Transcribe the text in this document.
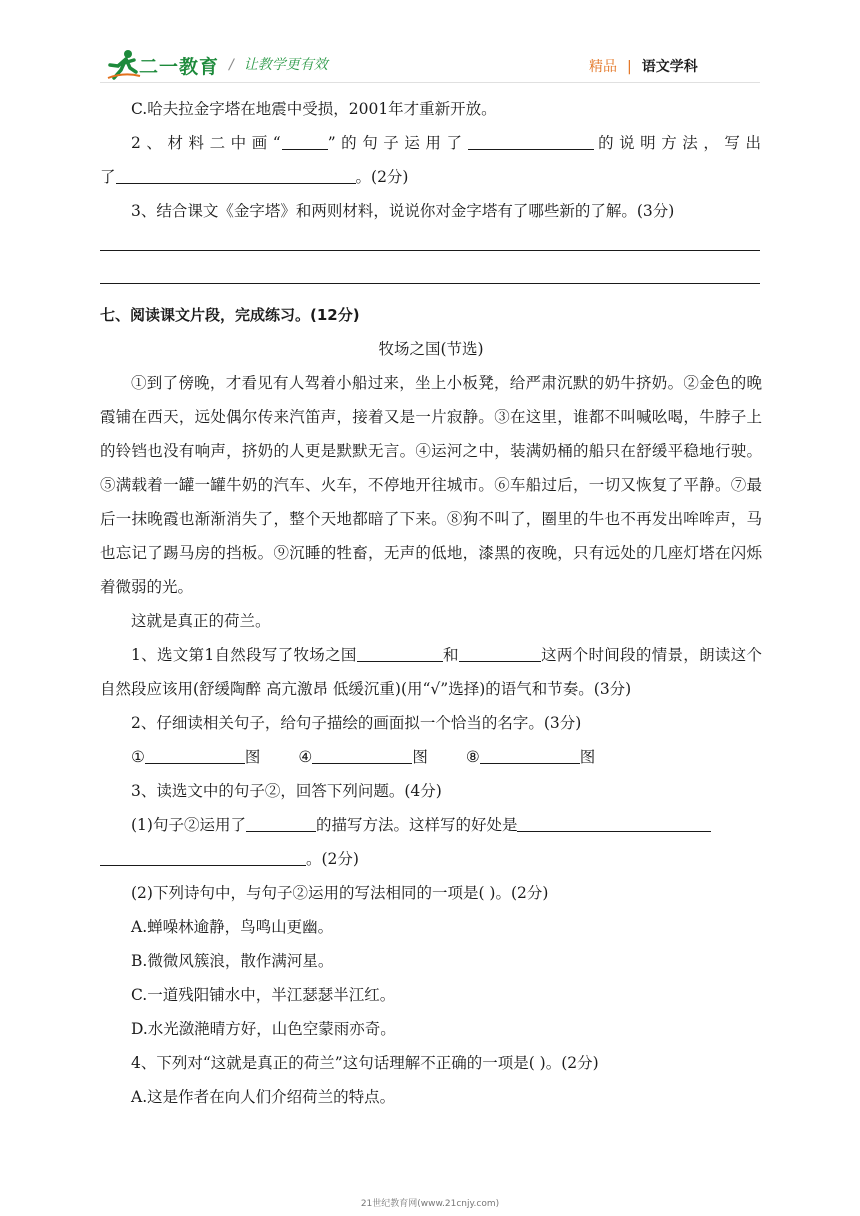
二一教育 / 让教学更有效	精品 | 语文学科

C.哈夫拉金字塔在地震中受损，2001年才重新开放。

2、材料二中画“	”的句子运用了	的说明方法，写出

了	。(2分)

3、结合课文《金字塔》和两则材料，说说你对金字塔有了哪些新的了解。(3分)

七、阅读课文片段，完成练习。(12分)

牧场之国(节选)

①到了傍晚，才看见有人驾着小船过来，坐上小板凳，给严肃沉默的奶牛挤奶。②金色的晚霞铺在西天，远处偶尔传来汽笛声，接着又是一片寂静。③在这里，谁都不叫喊吆喝，牛脖子上的铃铛也没有响声，挤奶的人更是默默无言。④运河之中，装满奶桶的船只在舒缓平稳地行驶。⑤满载着一罐一罐牛奶的汽车、火车，不停地开往城市。⑥车船过后，一切又恢复了平静。⑦最后一抹晚霞也渐渐消失了，整个天地都暗了下来。⑧狗不叫了，圈里的牛也不再发出哞哞声，马也忘记了踢马房的挡板。⑨沉睡的牲畜，无声的低地，漆黑的夜晚，只有远处的几座灯塔在闪烁着微弱的光。

这就是真正的荷兰。

1、选文第1自然段写了牧场之国	和	这两个时间段的情景，朗读这个自然段应该用(舒缓陶醉 高亢激昂 低缓沉重)(用“√”选择)的语气和节奏。(3分)

2、仔细读相关句子，给句子描绘的画面拟一个恰当的名字。(3分)

①	图 ④	图 ⑧	图

3、读选文中的句子②，回答下列问题。(4分)

(1)句子②运用了	的描写方法。这样写的好处是

。(2分)

(2)下列诗句中，与句子②运用的写法相同的一项是( )。(2分)

A.蝉噪林逾静，鸟鸣山更幽。

B.微微风簇浪，散作满河星。

C.一道残阳铺水中，半江瑟瑟半江红。

D.水光潋滟晴方好，山色空蒙雨亦奇。

4、下列对“这就是真正的荷兰”这句话理解不正确的一项是( )。(2分)

A.这是作者在向人们介绍荷兰的特点。

21世纪教育网(www.21cnjy.com)
